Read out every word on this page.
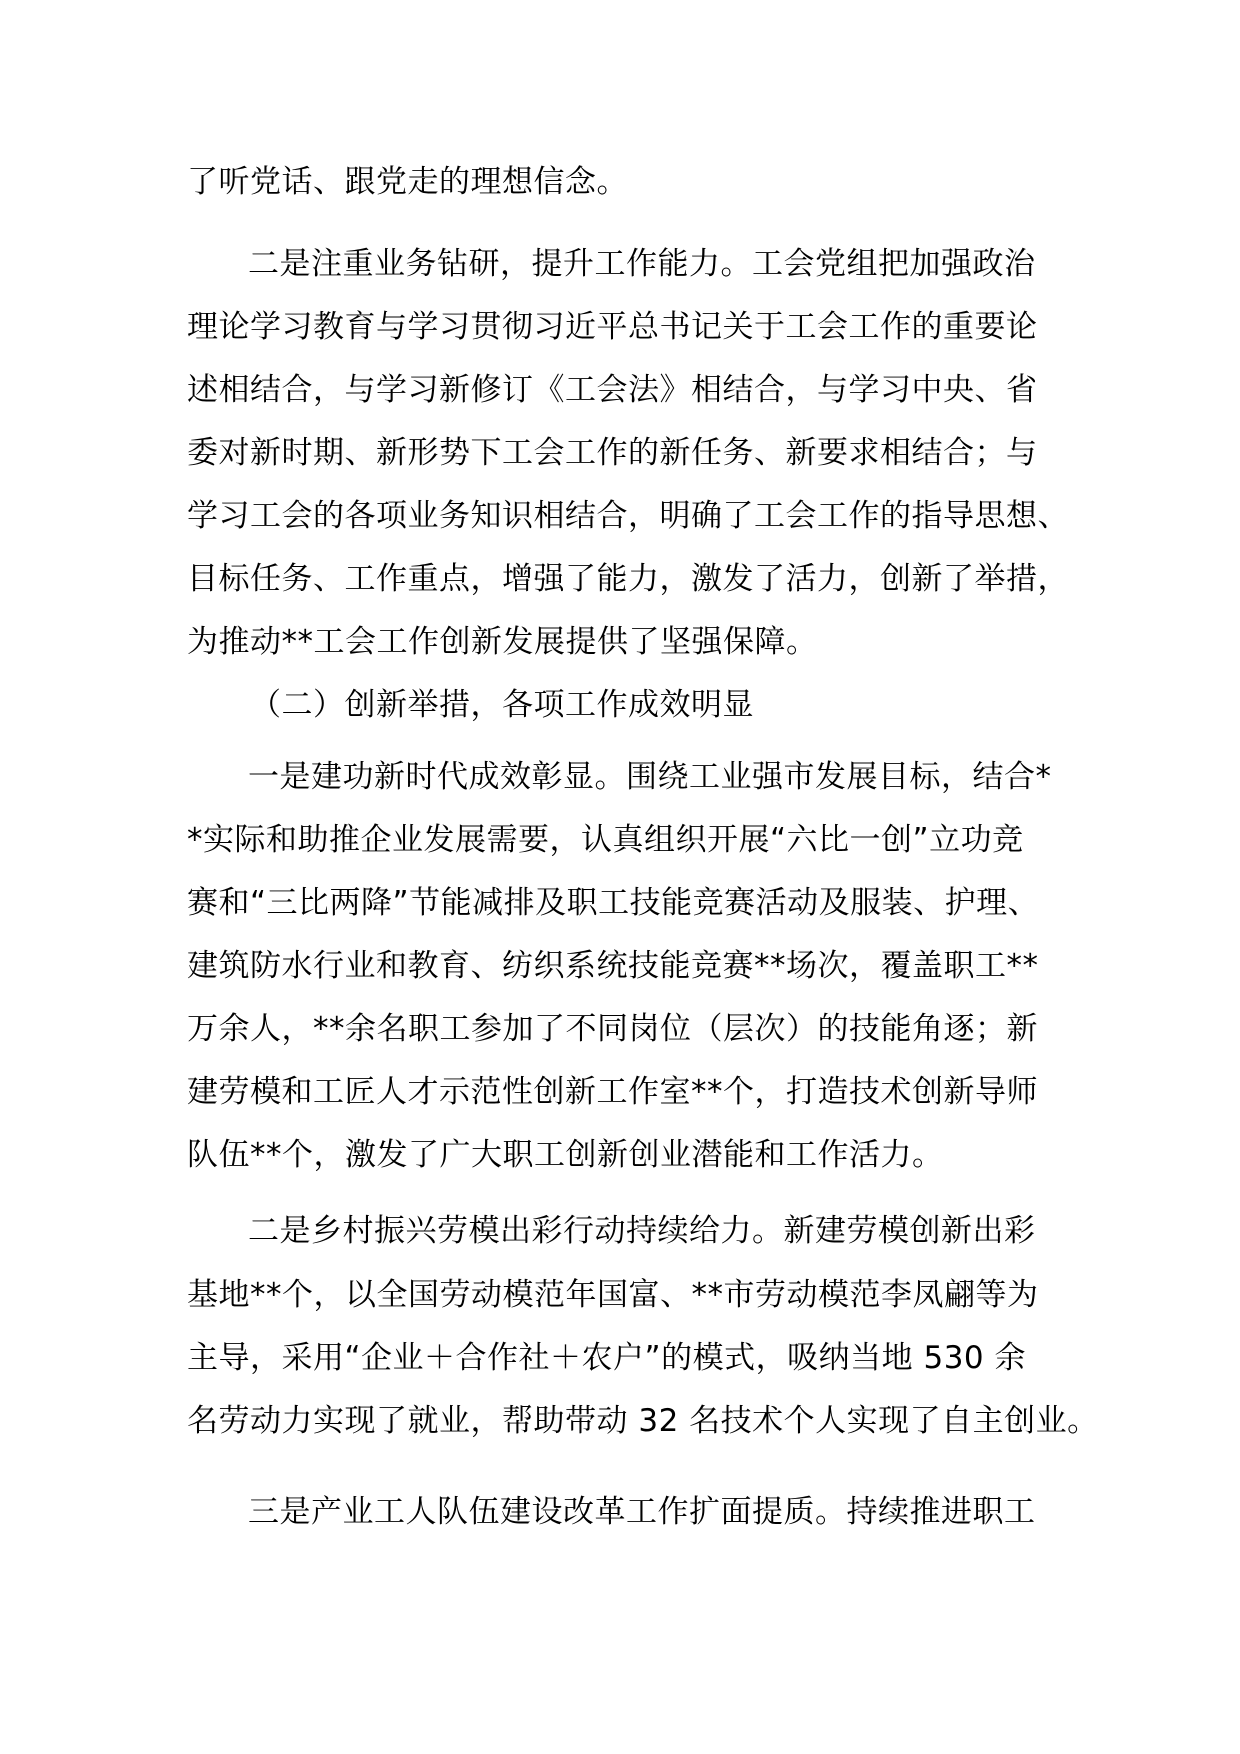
了听党话、跟党走的理想信念。
二是注重业务钻研，提升工作能力。工会党组把加强政治
理论学习教育与学习贯彻习近平总书记关于工会工作的重要论
述相结合，与学习新修订《工会法》相结合，与学习中央、省
委对新时期、新形势下工会工作的新任务、新要求相结合；与
学习工会的各项业务知识相结合，明确了工会工作的指导思想、
目标任务、工作重点，增强了能力，激发了活力，创新了举措，
为推动**工会工作创新发展提供了坚强保障。
（二）创新举措，各项工作成效明显
一是建功新时代成效彰显。围绕工业强市发展目标，结合*
*实际和助推企业发展需要，认真组织开展“六比一创”立功竞
赛和“三比两降”节能减排及职工技能竞赛活动及服装、护理、
建筑防水行业和教育、纺织系统技能竞赛**场次，覆盖职工**
万余人，**余名职工参加了不同岗位（层次）的技能角逐；新
建劳模和工匠人才示范性创新工作室**个，打造技术创新导师
队伍**个，激发了广大职工创新创业潜能和工作活力。
二是乡村振兴劳模出彩行动持续给力。新建劳模创新出彩
基地**个，以全国劳动模范年国富、**市劳动模范李凤翩等为
主导，采用“企业＋合作社＋农户”的模式，吸纳当地 530 余
名劳动力实现了就业，帮助带动 32 名技术个人实现了自主创业。
三是产业工人队伍建设改革工作扩面提质。持续推进职工
